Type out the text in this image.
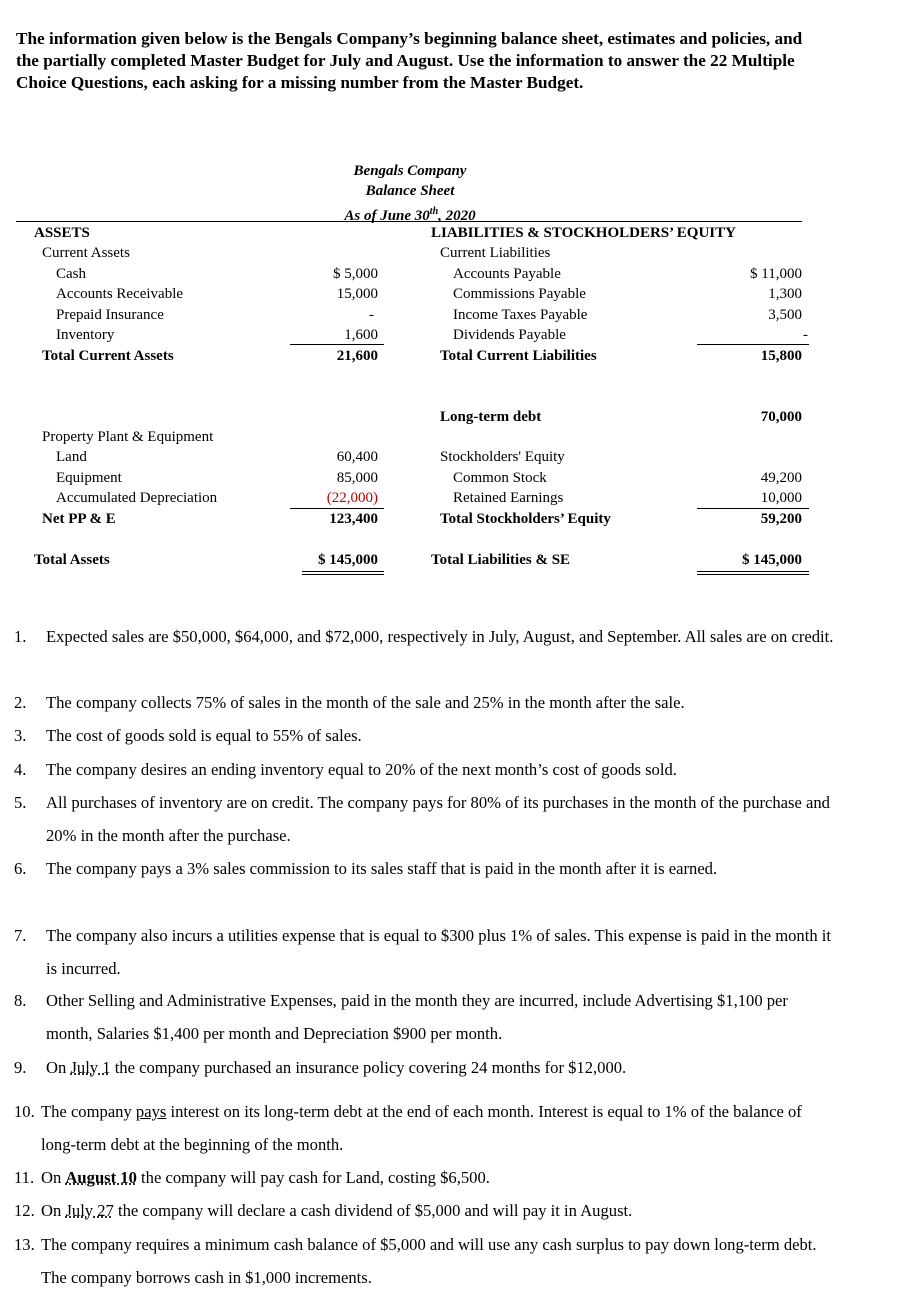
The information given below is the Bengals Company’s beginning balance sheet, estimates and policies, and the partially completed Master Budget for July and August. Use the information to answer the 22 Multiple Choice Questions, each asking for a missing number from the Master Budget.
Bengals Company
Balance Sheet
As of June 30th, 2020
ASSETS
Current Assets
Cash	$ 5,000
Accounts Receivable	15,000
Prepaid Insurance	-
Inventory	1,600
Total Current Assets	21,600
Property Plant & Equipment
Land	60,400
Equipment	85,000
Accumulated Depreciation	(22,000)
Net PP & E	123,400
Total Assets	$ 145,000
LIABILITIES & STOCKHOLDERS’ EQUITY
Current Liabilities
Accounts Payable	$ 11,000
Commissions Payable	1,300
Income Taxes Payable	3,500
Dividends Payable	-
Total Current Liabilities	15,800
Long-term debt	70,000
Stockholders' Equity
Common Stock	49,200
Retained Earnings	10,000
Total Stockholders’ Equity	59,200
Total Liabilities & SE	$ 145,000
1. Expected sales are $50,000, $64,000, and $72,000, respectively in July, August, and September. All sales are on credit.
2. The company collects 75% of sales in the month of the sale and 25% in the month after the sale.
3. The cost of goods sold is equal to 55% of sales.
4. The company desires an ending inventory equal to 20% of the next month’s cost of goods sold.
5. All purchases of inventory are on credit. The company pays for 80% of its purchases in the month of the purchase and 20% in the month after the purchase.
6. The company pays a 3% sales commission to its sales staff that is paid in the month after it is earned.
7. The company also incurs a utilities expense that is equal to $300 plus 1% of sales. This expense is paid in the month it is incurred.
8. Other Selling and Administrative Expenses, paid in the month they are incurred, include Advertising $1,100 per month, Salaries $1,400 per month and Depreciation $900 per month.
9. On July 1 the company purchased an insurance policy covering 24 months for $12,000.
10. The company pays interest on its long-term debt at the end of each month. Interest is equal to 1% of the balance of long-term debt at the beginning of the month.
11. On August 10 the company will pay cash for Land, costing $6,500.
12. On July 27 the company will declare a cash dividend of $5,000 and will pay it in August.
13. The company requires a minimum cash balance of $5,000 and will use any cash surplus to pay down long-term debt. The company borrows cash in $1,000 increments.
